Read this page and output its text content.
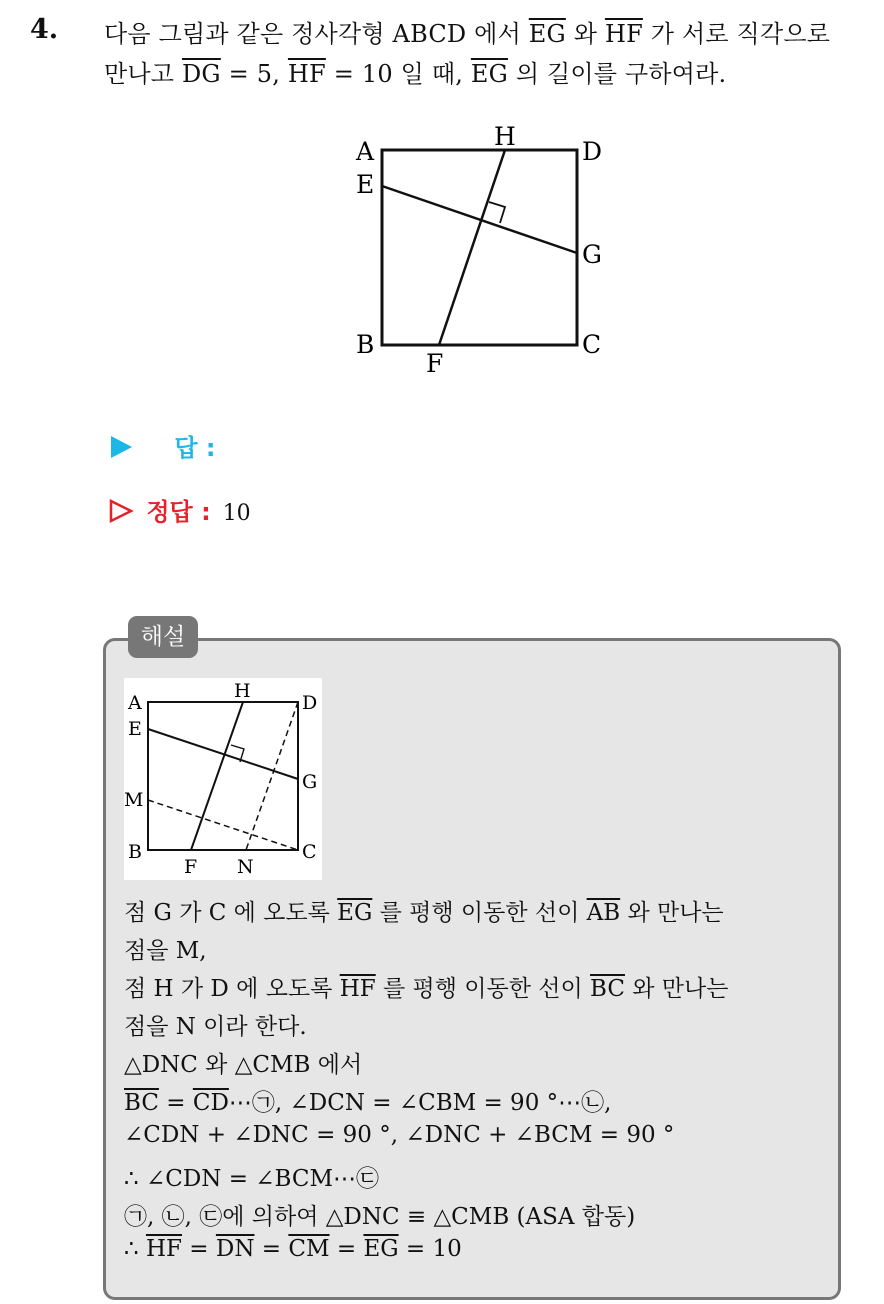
4. 다음 그림과 같은 정사각형 ABCD 에서 $\overline{EG}$ 와 $\overline{HF}$ 가 서로 직각으로
만나고 $\overline{DG} = 5$, $\overline{HF} = 10$ 일 때, $\overline{EG}$ 의 길이를 구하여라.
A
E
B
H
D
G
C
F
답 :
정답 : 10
해설
A
E
M
B
H
D
G
C
F N
점 G 가 C 에 오도록 $\overline{EG}$ 를 평행 이동한 선이 $\overline{AB}$ 와 만나는
점을 M,
점 H 가 D 에 오도록 $\overline{HF}$ 를 평행 이동한 선이 $\overline{BC}$ 와 만나는
점을 N 이라 한다.
△DNC 와 △CMB 에서
$\overline{BC}$ = $\overline{CD}\cdots㉠$, ∠DCN = ∠CBM = 90 °⋯㉡,
∠CDN + ∠DNC = 90 °, ∠DNC + ∠BCM = 90 °
∴ ∠CDN = ∠BCM⋯㉢
㉠, ㉡, ㉢에 의하여 △DNC ≡ △CMB (ASA 합동)
∴ $\overline{HF} = \overline{DN} = \overline{CM} = \overline{EG} = 10$
